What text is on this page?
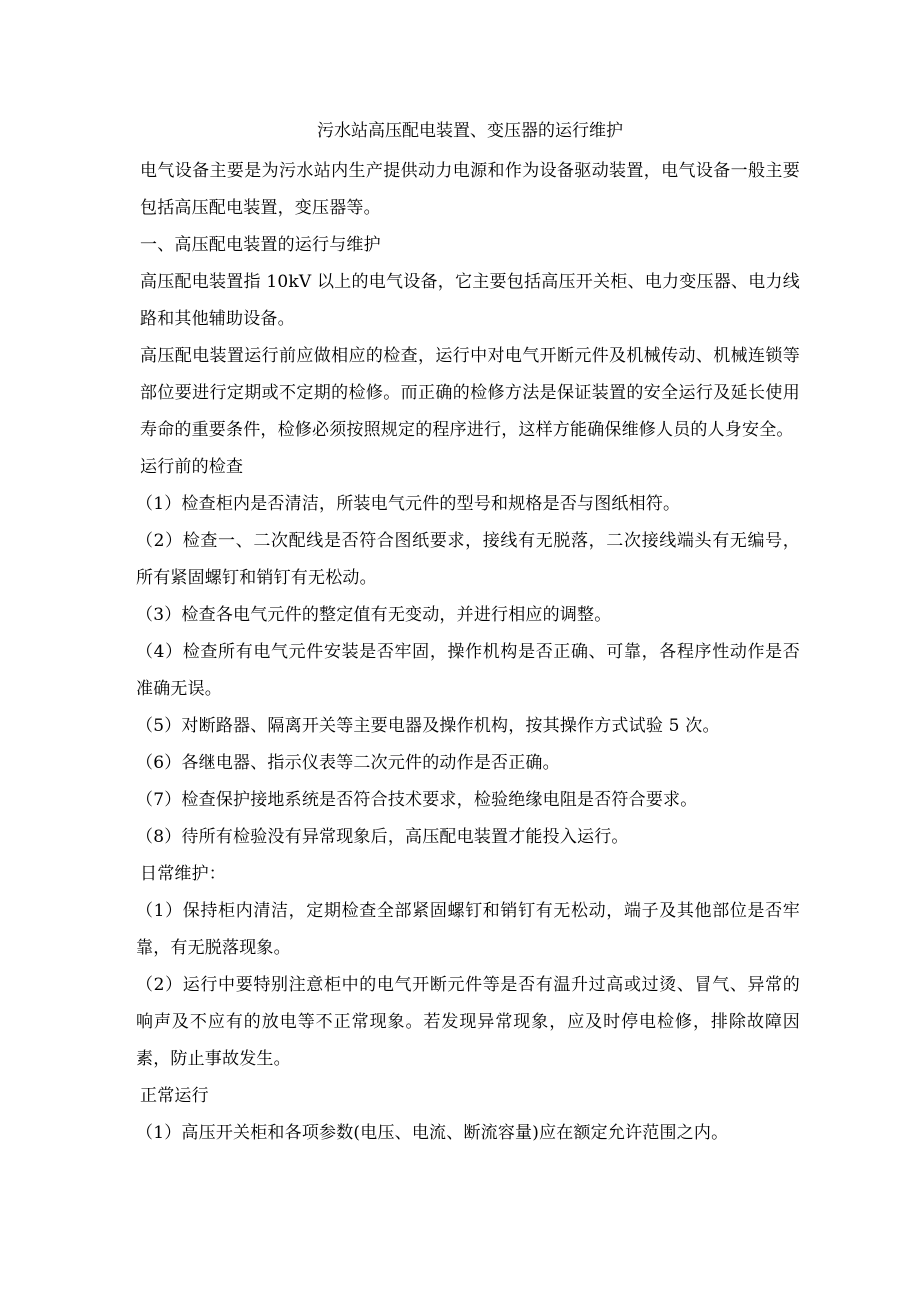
污水站高压配电装置、变压器的运行维护

电气设备主要是为污水站内生产提供动力电源和作为设备驱动装置，电气设备一般主要包括高压配电装置，变压器等。

一、高压配电装置的运行与维护

高压配电装置指 10kV 以上的电气设备，它主要包括高压开关柜、电力变压器、电力线路和其他辅助设备。

高压配电装置运行前应做相应的检查，运行中对电气开断元件及机械传动、机械连锁等部位要进行定期或不定期的检修。而正确的检修方法是保证装置的安全运行及延长使用寿命的重要条件，检修必须按照规定的程序进行，这样方能确保维修人员的人身安全。

运行前的检查

（1）检查柜内是否清洁，所装电气元件的型号和规格是否与图纸相符。

（2）检查一、二次配线是否符合图纸要求，接线有无脱落，二次接线端头有无编号，所有紧固螺钉和销钉有无松动。

（3）检查各电气元件的整定值有无变动，并进行相应的调整。

（4）检查所有电气元件安装是否牢固，操作机构是否正确、可靠，各程序性动作是否准确无误。

（5）对断路器、隔离开关等主要电器及操作机构，按其操作方式试验 5 次。

（6）各继电器、指示仪表等二次元件的动作是否正确。

（7）检查保护接地系统是否符合技术要求，检验绝缘电阻是否符合要求。

（8）待所有检验没有异常现象后，高压配电装置才能投入运行。

日常维护：

（1）保持柜内清洁，定期检查全部紧固螺钉和销钉有无松动，端子及其他部位是否牢靠，有无脱落现象。

（2）运行中要特别注意柜中的电气开断元件等是否有温升过高或过烫、冒气、异常的响声及不应有的放电等不正常现象。若发现异常现象，应及时停电检修，排除故障因素，防止事故发生。

正常运行

（1）高压开关柜和各项参数(电压、电流、断流容量)应在额定允许范围之内。
